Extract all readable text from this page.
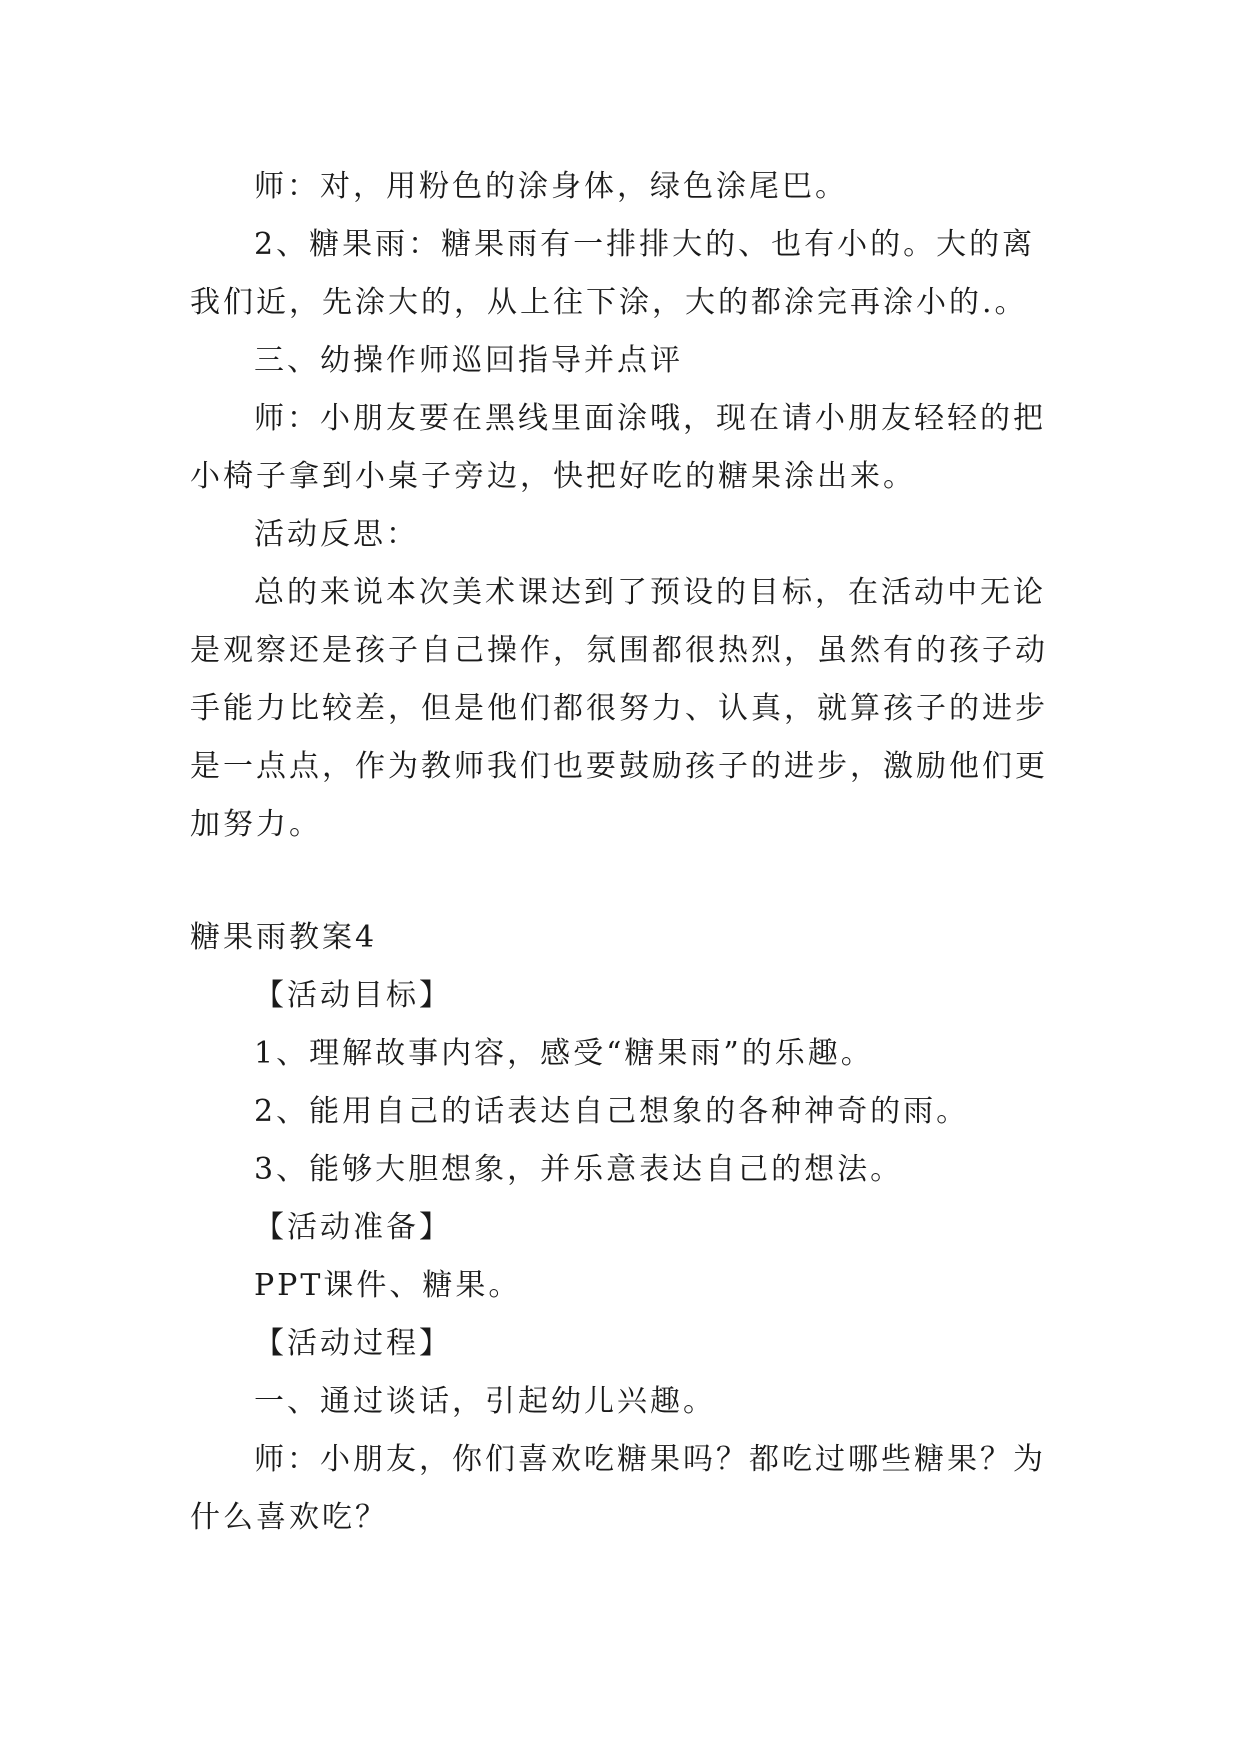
师：对，用粉色的涂身体，绿色涂尾巴。

2、糖果雨：糖果雨有一排排大的、也有小的。大的离我们近，先涂大的，从上往下涂，大的都涂完再涂小的.。

三、幼操作师巡回指导并点评

师：小朋友要在黑线里面涂哦，现在请小朋友轻轻的把小椅子拿到小桌子旁边，快把好吃的糖果涂出来。

活动反思：

总的来说本次美术课达到了预设的目标，在活动中无论是观察还是孩子自己操作，氛围都很热烈，虽然有的孩子动手能力比较差，但是他们都很努力、认真，就算孩子的进步是一点点，作为教师我们也要鼓励孩子的进步，激励他们更加努力。

糖果雨教案4

【活动目标】

1、理解故事内容，感受“糖果雨”的乐趣。

2、能用自己的话表达自己想象的各种神奇的雨。

3、能够大胆想象，并乐意表达自己的想法。

【活动准备】

PPT课件、糖果。

【活动过程】

一、通过谈话，引起幼儿兴趣。

师：小朋友，你们喜欢吃糖果吗？都吃过哪些糖果？为什么喜欢吃？
